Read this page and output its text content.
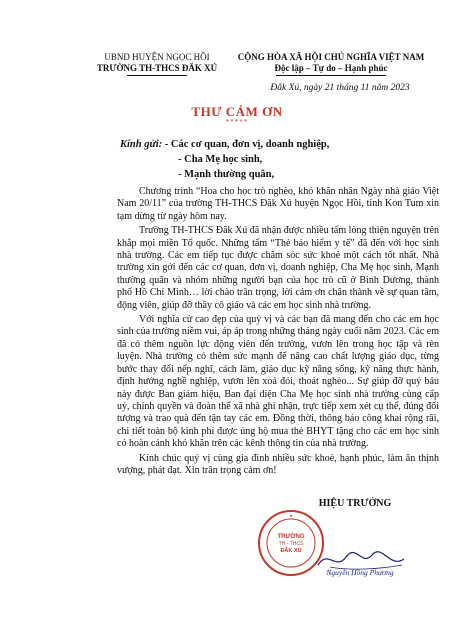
UBND HUYỆN NGỌC HỒI
TRƯỜNG TH-THCS ĐĂK XÚ
CỘNG HÒA XÃ HỘI CHỦ NGHĨA VIỆT NAM
Độc lập – Tự do – Hạnh phúc
Đắk Xú, ngày 21 tháng 11 năm 2023
THƯ CẢM ƠN
*****
Kính gửi: - Các cơ quan, đơn vị, doanh nghiệp,
- Cha Mẹ học sinh,
- Mạnh thường quân,

Chương trình “Hoa cho học trò nghèo, khó khăn nhân Ngày nhà giáo Việt Nam 20/11” của trường TH-THCS Đăk Xú huyện Ngọc Hồi, tỉnh Kon Tum xin tạm dừng từ ngày hôm nay.

Trường TH-THCS Đăk Xú đã nhận được nhiều tấm lòng thiện nguyện trên khắp mọi miền Tổ quốc. Những tấm “Thẻ bảo hiểm y tế” đã đến với học sinh nhà trường. Các em tiếp tục được chăm sóc sức khoẻ một cách tốt nhất. Nhà trường xin gởi đến các cơ quan, đơn vị, doanh nghiệp, Cha Mẹ học sinh, Mạnh thường quân và nhóm những người bạn của học trò cũ ở Bình Dương, thành phố Hồ Chí Minh… lời chào trân trọng, lời cảm ơn chân thành về sự quan tâm, động viên, giúp đỡ thầy cô giáo và các em học sinh nhà trường.

Với nghĩa cử cao đẹp của quý vị và các bạn đã mang đến cho các em học sinh của trường niềm vui, áp áp trong những tháng ngày cuối năm 2023. Các em đã có thêm nguồn lực động viên đến trường, vươn lên trong học tập và rèn luyện. Nhà trường có thêm sức mạnh để nâng cao chất lượng giáo dục, từng bước thay đổi nếp nghĩ, cách làm, giáo dục kỹ năng sống, kỹ năng thực hành, định hướng nghề nghiệp, vươn lên xoá đói, thoát nghèo... Sự giúp đỡ quý báu này được Ban giám hiệu, Ban đại diện Cha Mẹ học sinh nhà trường cùng cấp uỷ, chính quyền và đoàn thể xã nhà ghi nhận, trực tiếp xem xét cụ thể, đúng đối tượng và trao quà đến tận tay các em. Đồng thời, thông báo công khai rộng rãi, chi tiết toàn bộ kinh phí được ủng hộ mua thẻ BHYT tặng cho các em học sinh có hoàn cảnh khó khăn trên các kênh thông tin của nhà trường.

Kính chúc quý vị cùng gia đình nhiều sức khoẻ, hạnh phúc, làm ăn thịnh vượng, phát đạt. Xin trân trọng cảm ơn!

HIỆU TRƯỞNG
TRƯỜNG
TH - THCS
ĐĂK XÚ
★
Nguyễn Hồng Phương
